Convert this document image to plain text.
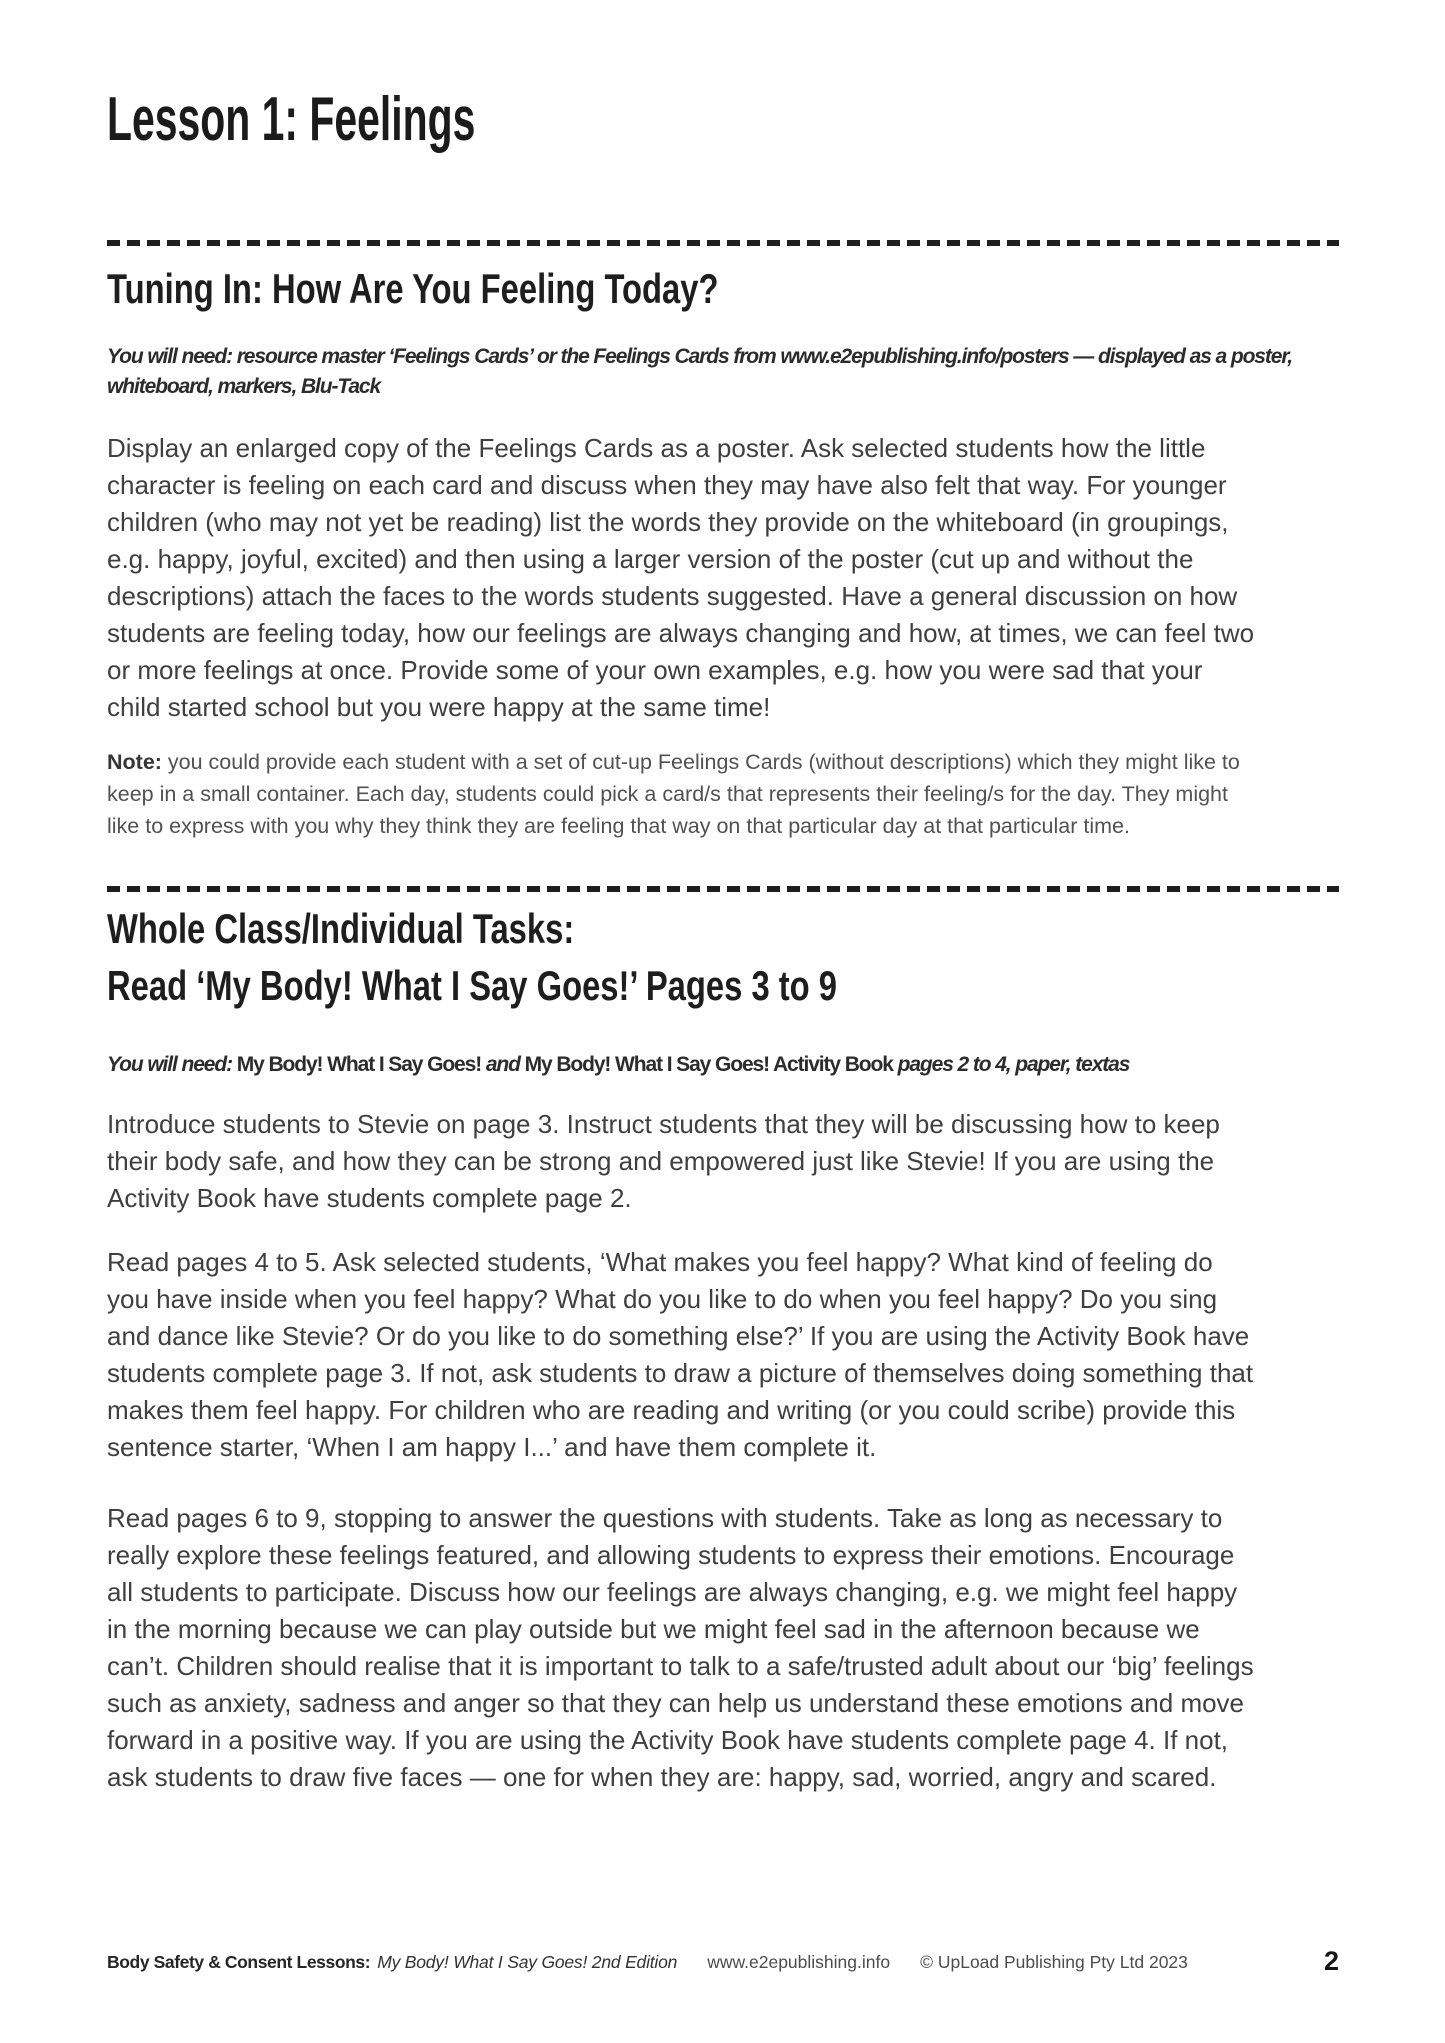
Lesson 1: Feelings
Tuning In: How Are You Feeling Today?

You will need: resource master ‘Feelings Cards’ or the Feelings Cards from www.e2epublishing.info/posters — displayed as a poster, whiteboard, markers, Blu-Tack

Display an enlarged copy of the Feelings Cards as a poster. Ask selected students how the little character is feeling on each card and discuss when they may have also felt that way. For younger children (who may not yet be reading) list the words they provide on the whiteboard (in groupings, e.g. happy, joyful, excited) and then using a larger version of the poster (cut up and without the descriptions) attach the faces to the words students suggested. Have a general discussion on how students are feeling today, how our feelings are always changing and how, at times, we can feel two or more feelings at once. Provide some of your own examples, e.g. how you were sad that your child started school but you were happy at the same time!

Note: you could provide each student with a set of cut-up Feelings Cards (without descriptions) which they might like to keep in a small container. Each day, students could pick a card/s that represents their feeling/s for the day. They might like to express with you why they think they are feeling that way on that particular day at that particular time.

Whole Class/Individual Tasks:
Read ‘My Body! What I Say Goes!’ Pages 3 to 9

You will need: My Body! What I Say Goes! and My Body! What I Say Goes! Activity Book pages 2 to 4, paper, textas

Introduce students to Stevie on page 3. Instruct students that they will be discussing how to keep their body safe, and how they can be strong and empowered just like Stevie! If you are using the Activity Book have students complete page 2.

Read pages 4 to 5. Ask selected students, ‘What makes you feel happy? What kind of feeling do you have inside when you feel happy? What do you like to do when you feel happy? Do you sing and dance like Stevie? Or do you like to do something else?’ If you are using the Activity Book have students complete page 3. If not, ask students to draw a picture of themselves doing something that makes them feel happy. For children who are reading and writing (or you could scribe) provide this sentence starter, ‘When I am happy I...’ and have them complete it.

Read pages 6 to 9, stopping to answer the questions with students. Take as long as necessary to really explore these feelings featured, and allowing students to express their emotions. Encourage all students to participate. Discuss how our feelings are always changing, e.g. we might feel happy in the morning because we can play outside but we might feel sad in the afternoon because we can’t. Children should realise that it is important to talk to a safe/trusted adult about our ‘big’ feelings such as anxiety, sadness and anger so that they can help us understand these emotions and move forward in a positive way. If you are using the Activity Book have students complete page 4. If not, ask students to draw five faces — one for when they are: happy, sad, worried, angry and scared.

Body Safety & Consent Lessons: My Body! What I Say Goes! 2nd Edition www.e2epublishing.info © UpLoad Publishing Pty Ltd 2023	2
